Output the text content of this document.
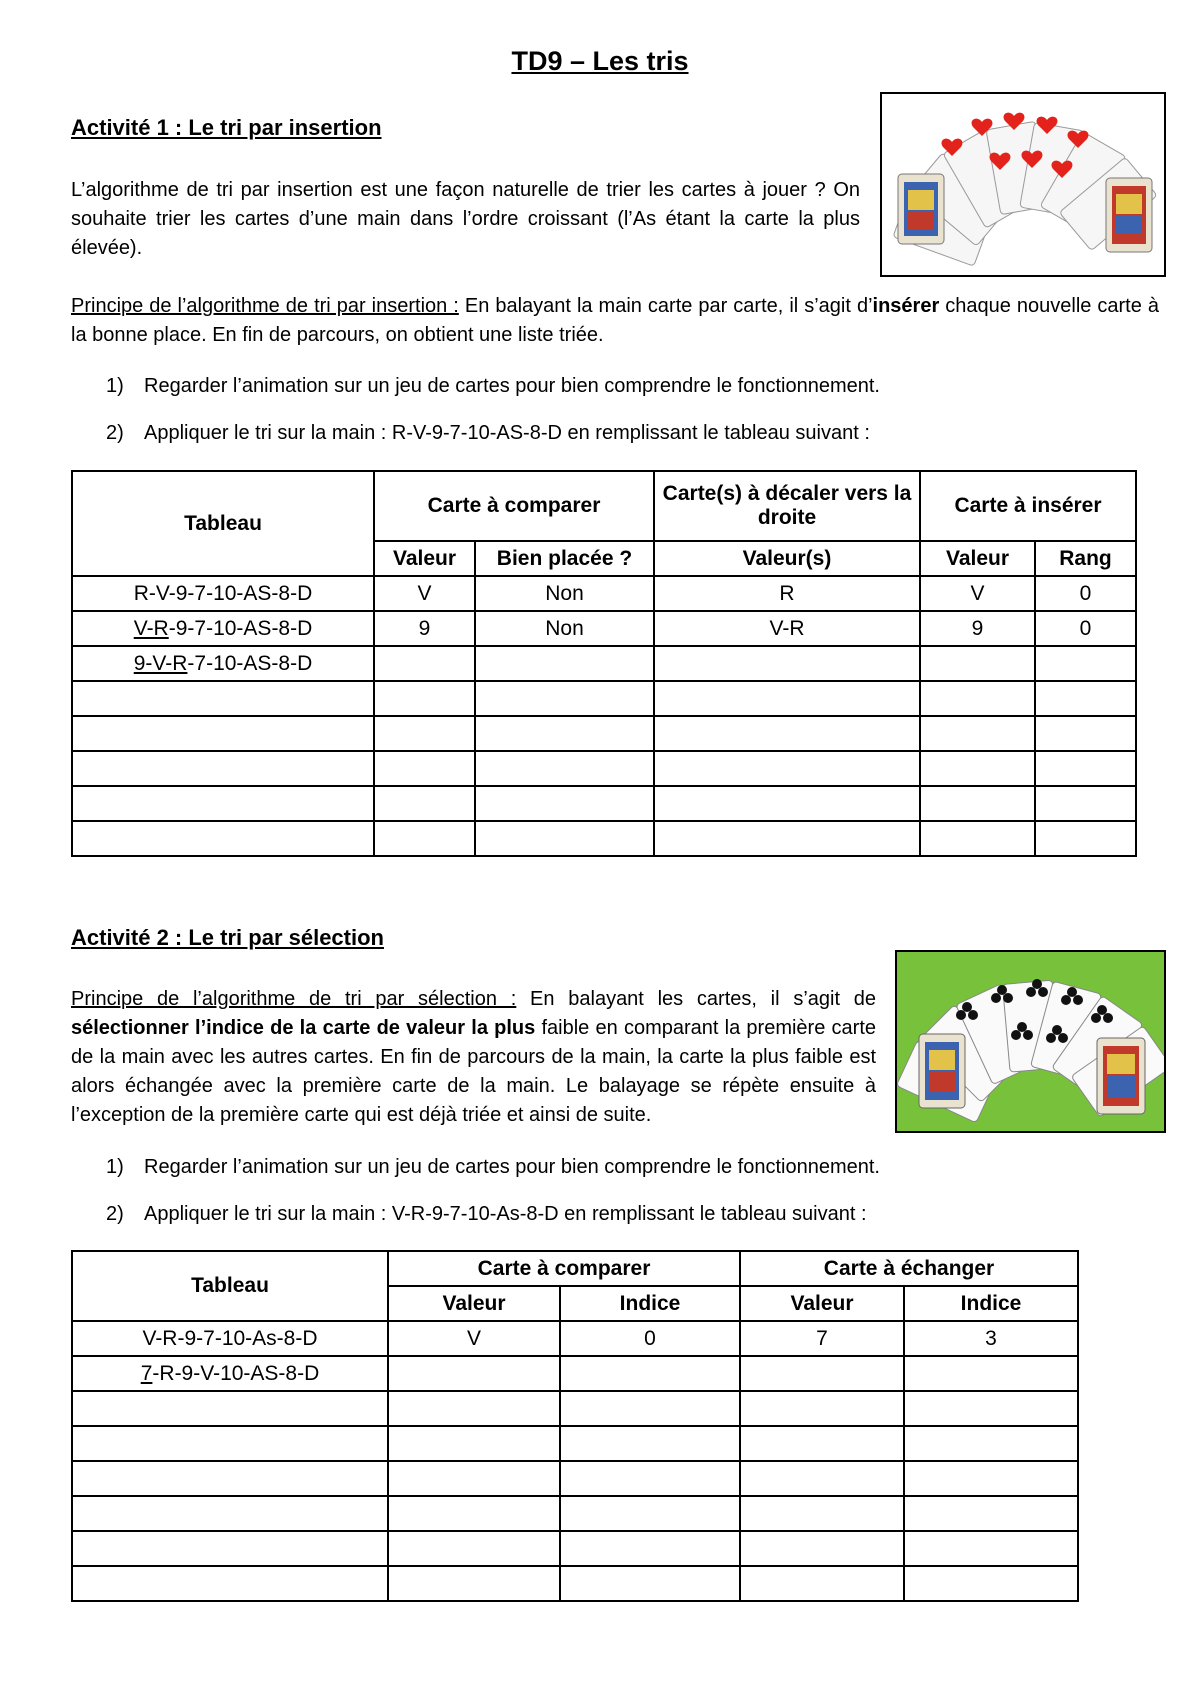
TD9 – Les tris
Activité 1 : Le tri par insertion
L’algorithme de tri par insertion est une façon naturelle de trier les cartes à jouer ? On souhaite trier les cartes d’une main dans l’ordre croissant (l’As étant la carte la plus élevée).
Principe de l’algorithme de tri par insertion : En balayant la main carte par carte, il s’agit d’insérer chaque nouvelle carte à la bonne place. En fin de parcours, on obtient une liste triée.
1) Regarder l’animation sur un jeu de cartes pour bien comprendre le fonctionnement.
2) Appliquer le tri sur la main : R-V-9-7-10-AS-8-D en remplissant le tableau suivant :
Tableau	Carte à comparer		Carte(s) à décaler vers la droite	Carte à insérer	
	Valeur	Bien placée ?	Valeur(s)	Valeur	Rang
R-V-9-7-10-AS-8-D	V	Non	R	V	0
V-R-9-7-10-AS-8-D	9	Non	V-R	9	0
9-V-R-7-10-AS-8-D					

Activité 2 : Le tri par sélection
Principe de l’algorithme de tri par sélection : En balayant les cartes, il s’agit de sélectionner l’indice de la carte de valeur la plus faible en comparant la première carte de la main avec les autres cartes. En fin de parcours de la main, la carte la plus faible est alors échangée avec la première carte de la main. Le balayage se répète ensuite à l’exception de la première carte qui est déjà triée et ainsi de suite.
1) Regarder l’animation sur un jeu de cartes pour bien comprendre le fonctionnement.
2) Appliquer le tri sur la main : V-R-9-7-10-As-8-D en remplissant le tableau suivant :
Tableau	Carte à comparer		Carte à échanger	
	Valeur	Indice	Valeur	Indice
V-R-9-7-10-As-8-D	V	0	7	3
7-R-9-V-10-AS-8-D				
